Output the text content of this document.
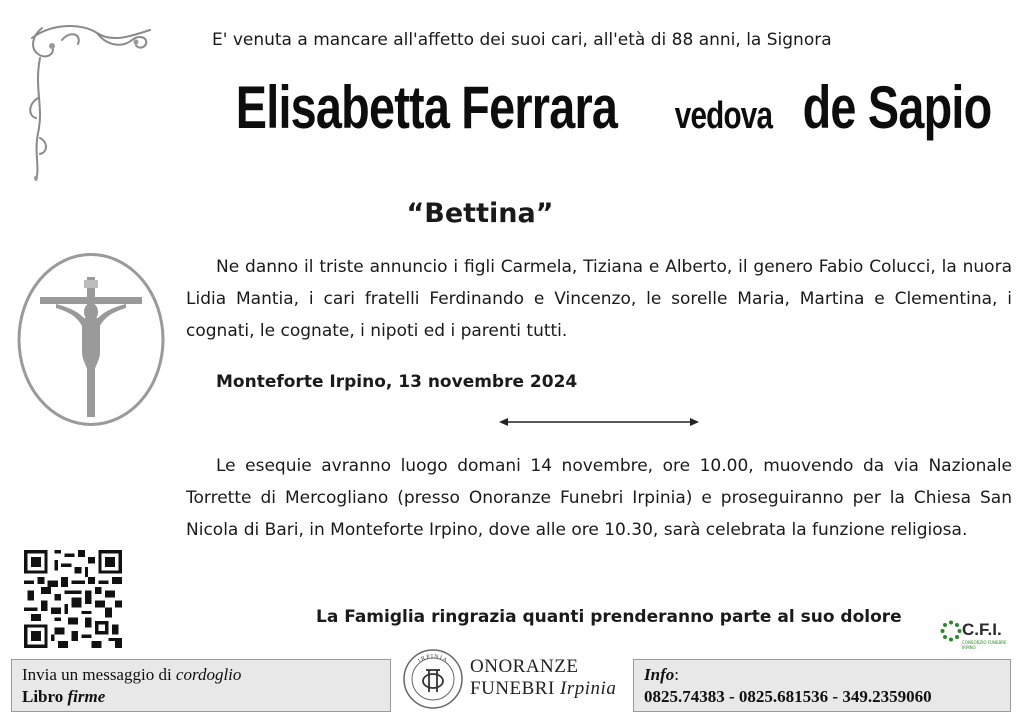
E' venuta a mancare all'affetto dei suoi cari, all'età di 88 anni, la Signora
Elisabetta Ferrara vedova de Sapio
“Bettina”
Ne danno il triste annuncio i figli Carmela, Tiziana e Alberto, il genero Fabio Colucci, la nuora Lidia Mantia, i cari fratelli Ferdinando e Vincenzo, le sorelle Maria, Martina e Clementina, i cognati, le cognate, i nipoti ed i parenti tutti.
Monteforte Irpino, 13 novembre 2024
Le esequie avranno luogo domani 14 novembre, ore 10.00, muovendo da via Nazionale Torrette di Mercogliano (presso Onoranze Funebri Irpinia) e proseguiranno per la Chiesa San Nicola di Bari, in Monteforte Irpino, dove alle ore 10.30, sarà celebrata la funzione religiosa.
La Famiglia ringrazia quanti prenderanno parte al suo dolore
C.F.I.
CONSORZIO FUNEBRE IRPINO
Invia un messaggio di cordoglio
Libro firme
IRPINIA ONORANZE
FUNEBRI Irpinia
Info:
0825.74383 - 0825.681536 - 349.2359060
